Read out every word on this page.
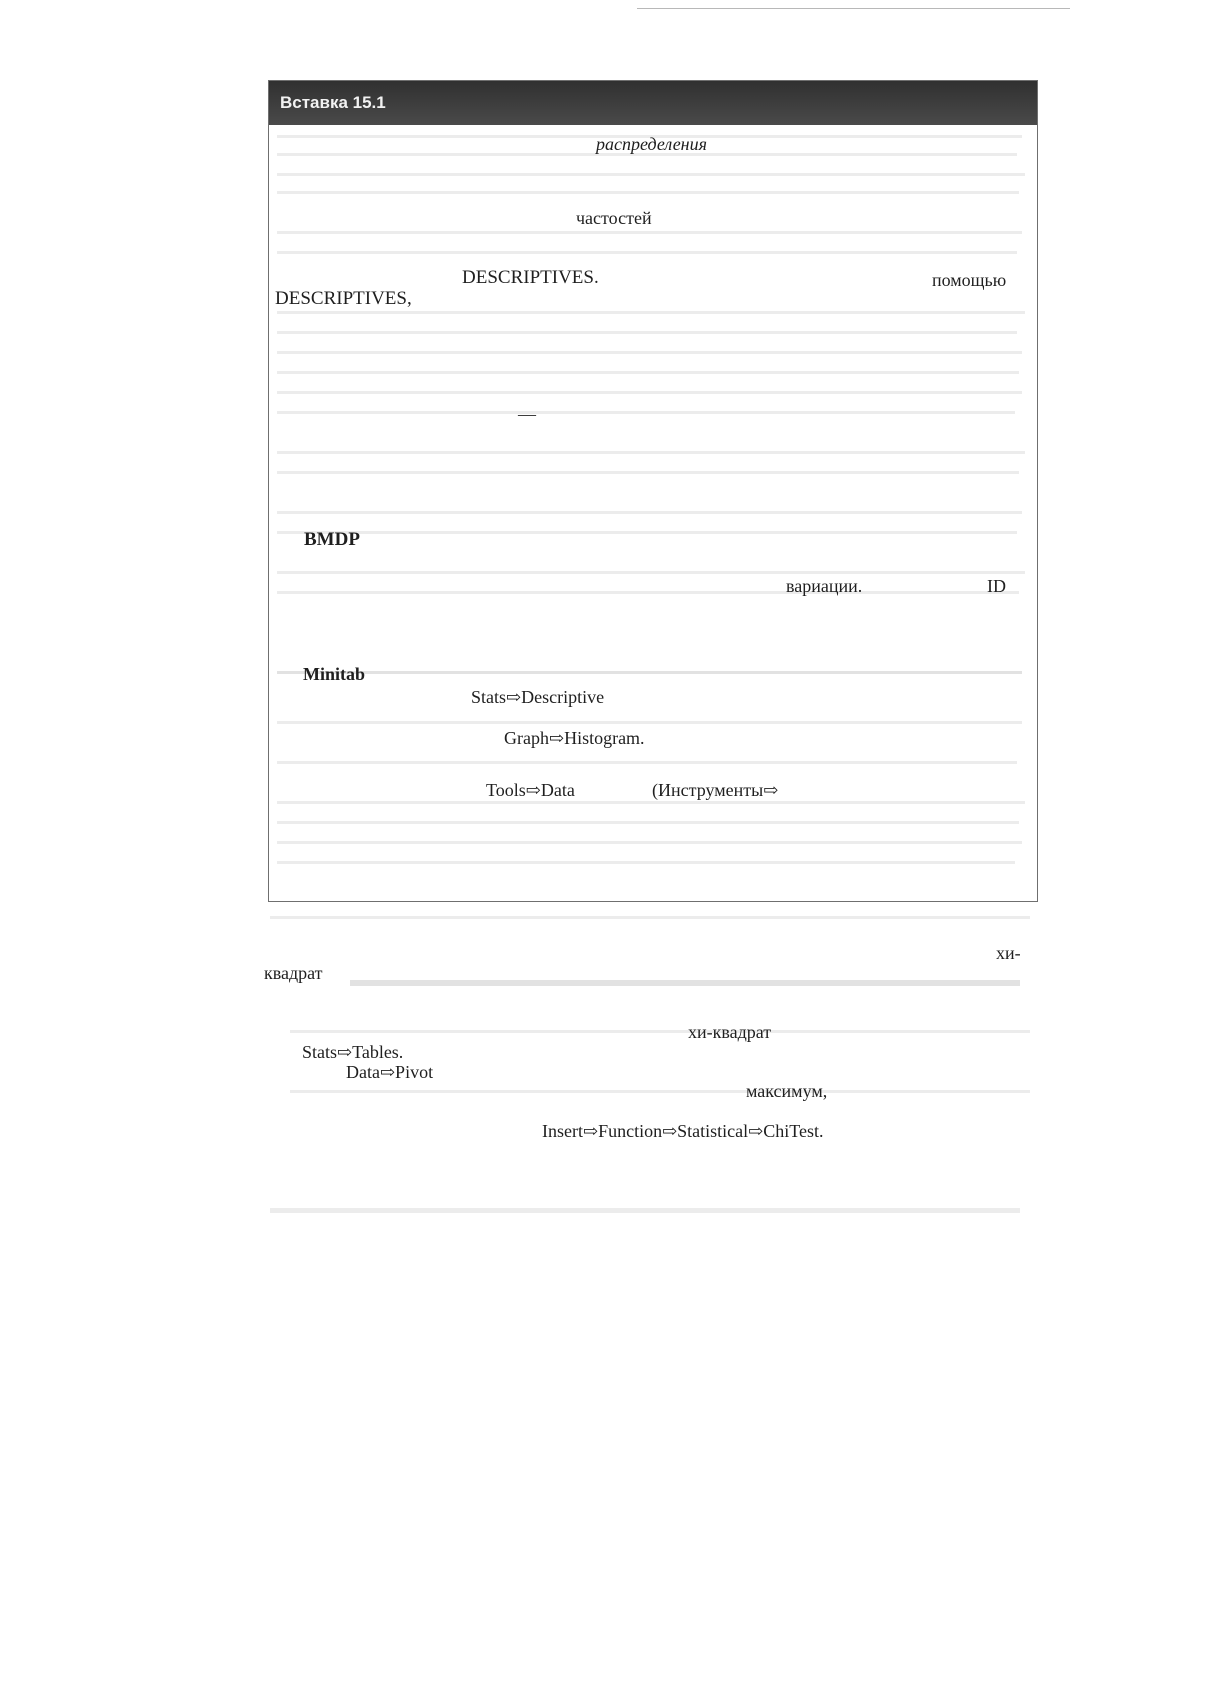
Вставка 15.1
распределения
частостей
DESCRIPTIVES.	помощью
DESCRIPTIVES,
—
BMDP
вариации.	ID
Minitab
Stats⇨Descriptive
Graph⇨Histogram.
Tools⇨Data	(Инструменты⇨
хи-
квадрат
хи-квадрат
Stats⇨Tables.
Data⇨Pivot
максимум,
Insert⇨Function⇨Statistical⇨ChiTest.
